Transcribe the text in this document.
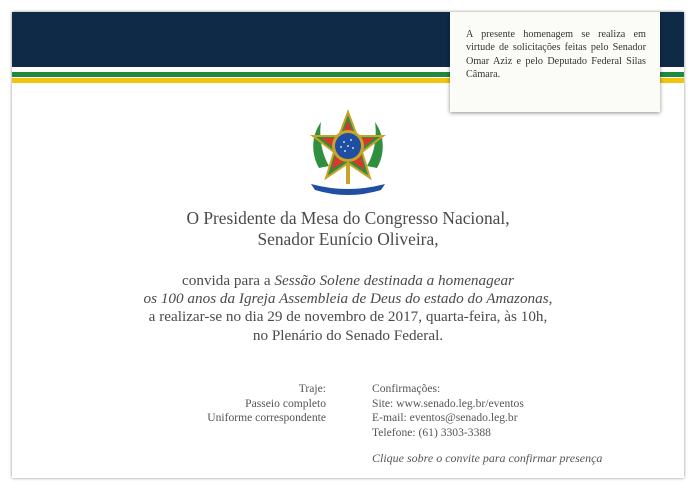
A presente homenagem se realiza em virtude de solicitações feitas pelo Senador Omar Aziz e pelo Deputado Federal Silas Câmara.
O Presidente da Mesa do Congresso Nacional,
Senador Eunício Oliveira,
convida para a Sessão Solene destinada a homenagear
os 100 anos da Igreja Assembleia de Deus do estado do Amazonas,
a realizar-se no dia 29 de novembro de 2017, quarta-feira, às 10h,
no Plenário do Senado Federal.
Traje:
Passeio completo
Uniforme correspondente
Confirmações:
Site: www.senado.leg.br/eventos
E-mail: eventos@senado.leg.br
Telefone: (61) 3303-3388
Clique sobre o convite para confirmar presença
